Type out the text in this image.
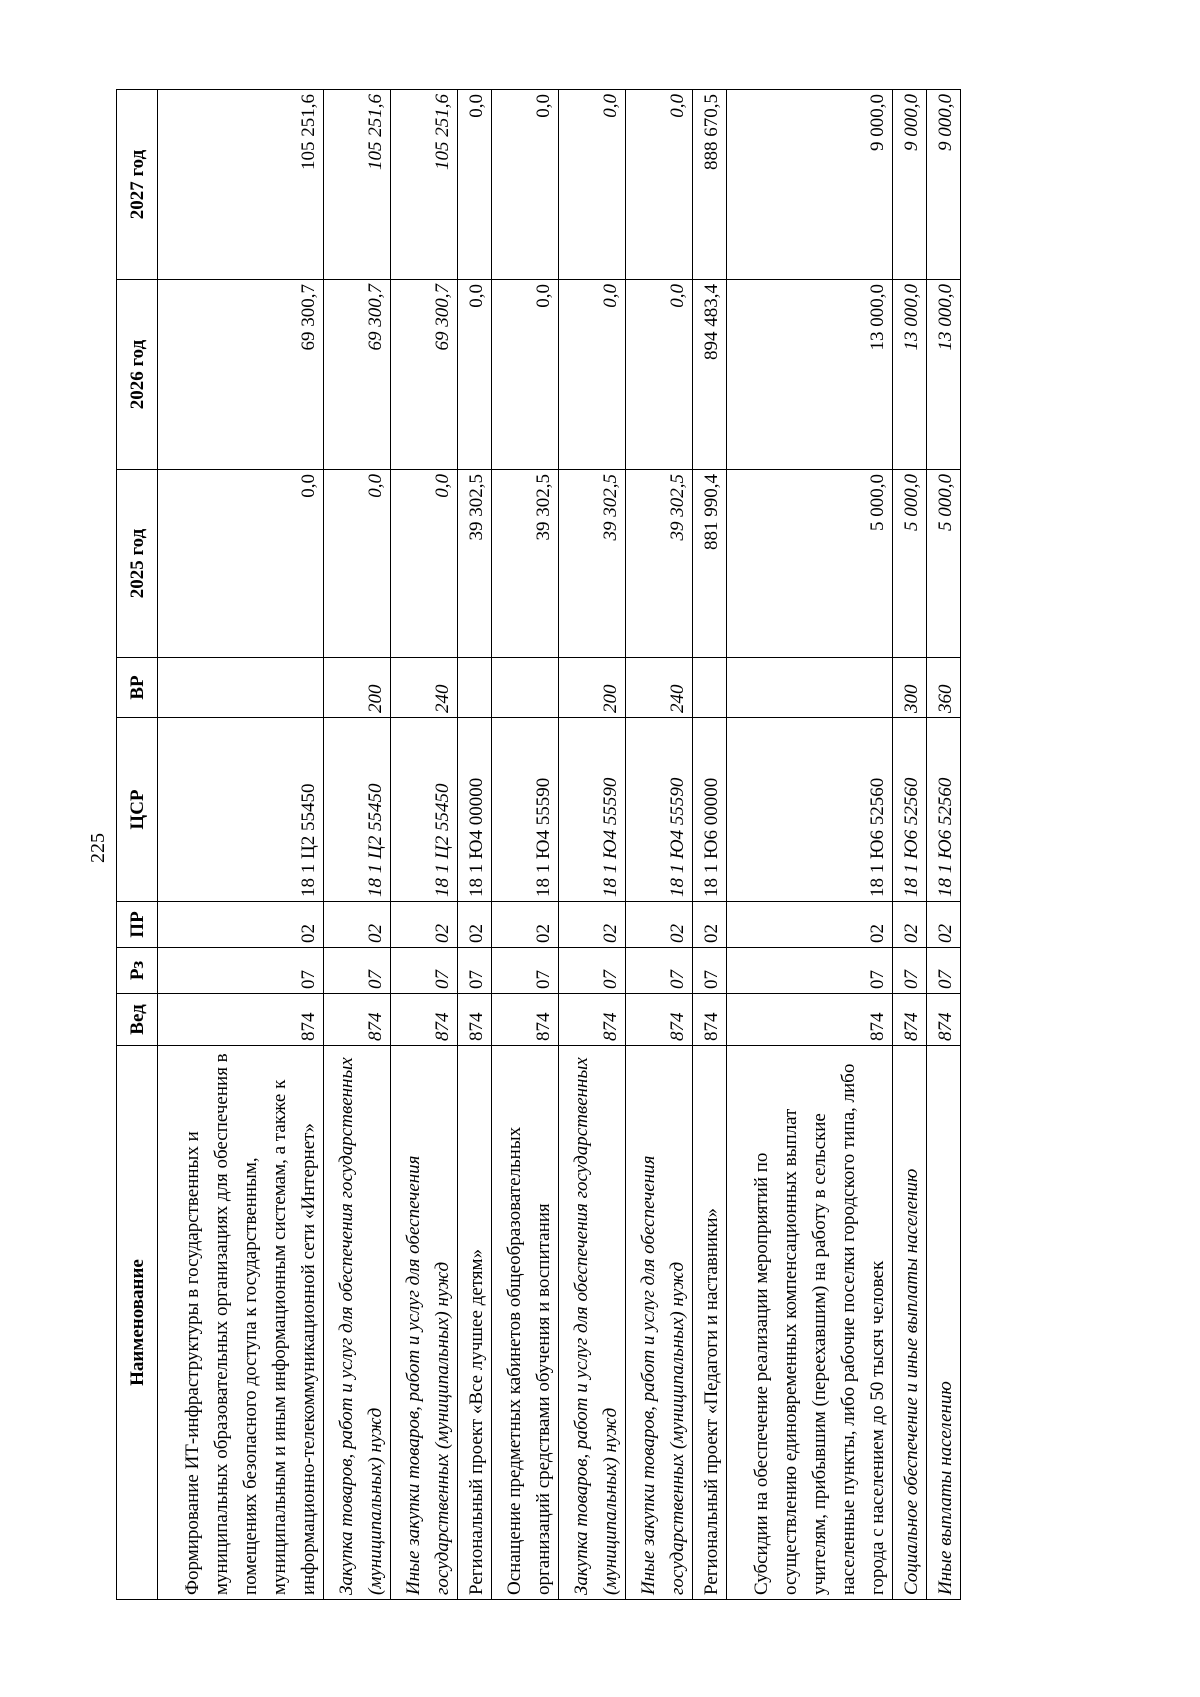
225
Наименование	Вед	Рз	ПР	ЦСР	ВР	2025 год	2026 год	2027 год
Формирование ИТ-инфраструктуры в государственных и муниципальных образовательных организациях для обеспечения в помещениях безопасного доступа к государственным, муниципальным и иным информационным системам, а также к информационно-телекоммуникационной сети «Интернет»	874	07	02	18 1 Ц2 55450		0,0	69 300,7	105 251,6
Закупка товаров, работ и услуг для обеспечения государственных (муниципальных) нужд	874	07	02	18 1 Ц2 55450	200	0,0	69 300,7	105 251,6
Иные закупки товаров, работ и услуг для обеспечения государственных (муниципальных) нужд	874	07	02	18 1 Ц2 55450	240	0,0	69 300,7	105 251,6
Региональный проект «Все лучшее детям»	874	07	02	18 1 Ю4 00000		39 302,5	0,0	0,0
Оснащение предметных кабинетов общеобразовательных организаций средствами обучения и воспитания	874	07	02	18 1 Ю4 55590		39 302,5	0,0	0,0
Закупка товаров, работ и услуг для обеспечения государственных (муниципальных) нужд	874	07	02	18 1 Ю4 55590	200	39 302,5	0,0	0,0
Иные закупки товаров, работ и услуг для обеспечения государственных (муниципальных) нужд	874	07	02	18 1 Ю4 55590	240	39 302,5	0,0	0,0
Региональный проект «Педагоги и наставники»	874	07	02	18 1 Ю6 00000		881 990,4	894 483,4	888 670,5
Субсидии на обеспечение реализации мероприятий по осуществлению единовременных компенсационных выплат учителям, прибывшим (переехавшим) на работу в сельские населенные пункты, либо рабочие поселки городского типа, либо города с населением до 50 тысяч человек	874	07	02	18 1 Ю6 52560		5 000,0	13 000,0	9 000,0
Социальное обеспечение и иные выплаты населению	874	07	02	18 1 Ю6 52560	300	5 000,0	13 000,0	9 000,0
Иные выплаты населению	874	07	02	18 1 Ю6 52560	360	5 000,0	13 000,0	9 000,0
